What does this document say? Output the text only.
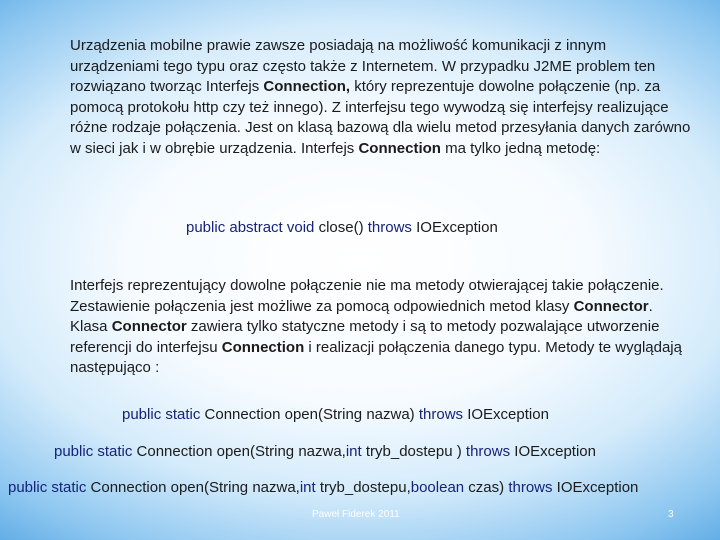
Urządzenia mobilne prawie zawsze posiadają na możliwość komunikacji z innym urządzeniami tego typu oraz często także z Internetem. W przypadku J2ME problem ten rozwiązano tworząc Interfejs Connection, który reprezentuje dowolne połączenie (np. za pomocą protokołu http czy też innego). Z interfejsu tego wywodzą się interfejsy realizujące różne rodzaje połączenia. Jest on klasą bazową dla wielu metod przesyłania danych zarówno w sieci jak i w obrębie urządzenia. Interfejs Connection ma tylko jedną metodę:

public abstract void close() throws IOException

Interfejs reprezentujący dowolne połączenie nie ma metody otwierającej takie połączenie. Zestawienie połączenia jest możliwe za pomocą odpowiednich metod klasy Connector. Klasa Connector zawiera tylko statyczne metody i są to metody pozwalające utworzenie referencji do interfejsu Connection i realizacji połączenia danego typu. Metody te wyglądają następująco :

public static Connection open(String nazwa) throws IOException
public static Connection open(String nazwa,int tryb_dostepu ) throws IOException
public static Connection open(String nazwa,int tryb_dostepu,boolean czas) throws IOException
Paweł Fiderek 2011	3
